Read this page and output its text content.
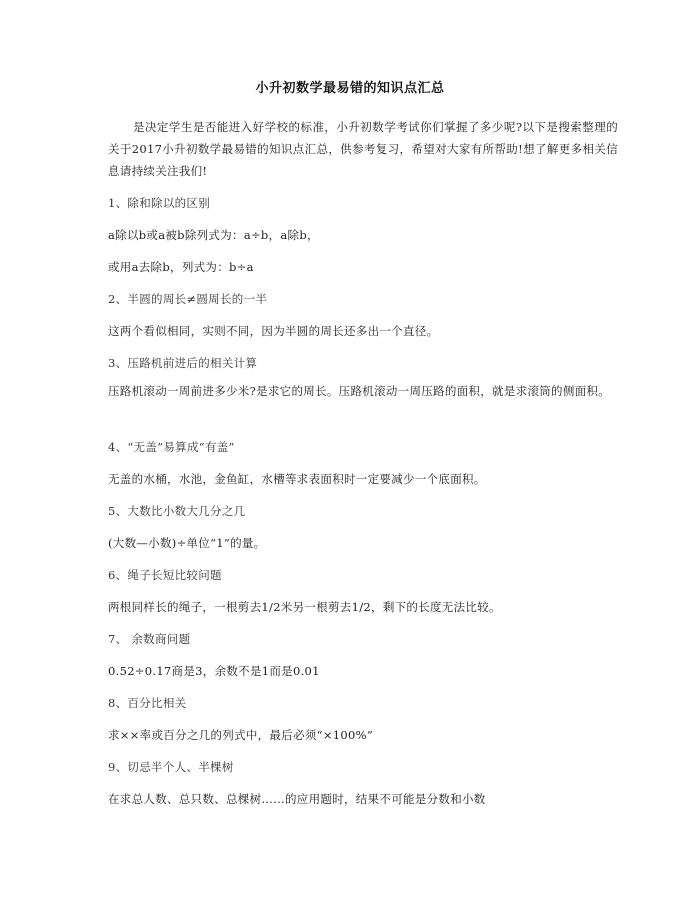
小升初数学最易错的知识点汇总
是决定学生是否能进入好学校的标准，小升初数学考试你们掌握了多少呢?以下是搜索整理的关于2017小升初数学最易错的知识点汇总，供参考复习，希望对大家有所帮助!想了解更多相关信息请持续关注我们!
1、除和除以的区别
a除以b或a被b除列式为：a÷b，a除b，
或用a去除b，列式为：b÷a
2、半圆的周长≠圆周长的一半
这两个看似相同，实则不同，因为半圆的周长还多出一个直径。
3、压路机前进后的相关计算
压路机滚动一周前进多少米?是求它的周长。压路机滚动一周压路的面积，就是求滚筒的侧面积。
4、“无盖”易算成“有盖”
无盖的水桶，水池，金鱼缸，水槽等求表面积时一定要减少一个底面积。
5、大数比小数大几分之几
(大数—小数)÷单位“1”的量。
6、绳子长短比较问题
两根同样长的绳子，一根剪去1/2米另一根剪去1/2，剩下的长度无法比较。
7、 余数商问题
0.52÷0.17商是3，余数不是1而是0.01
8、百分比相关
求××率或百分之几的列式中，最后必须“×100%”
9、切忌半个人、半棵树
在求总人数、总只数、总棵树……的应用题时，结果不可能是分数和小数
